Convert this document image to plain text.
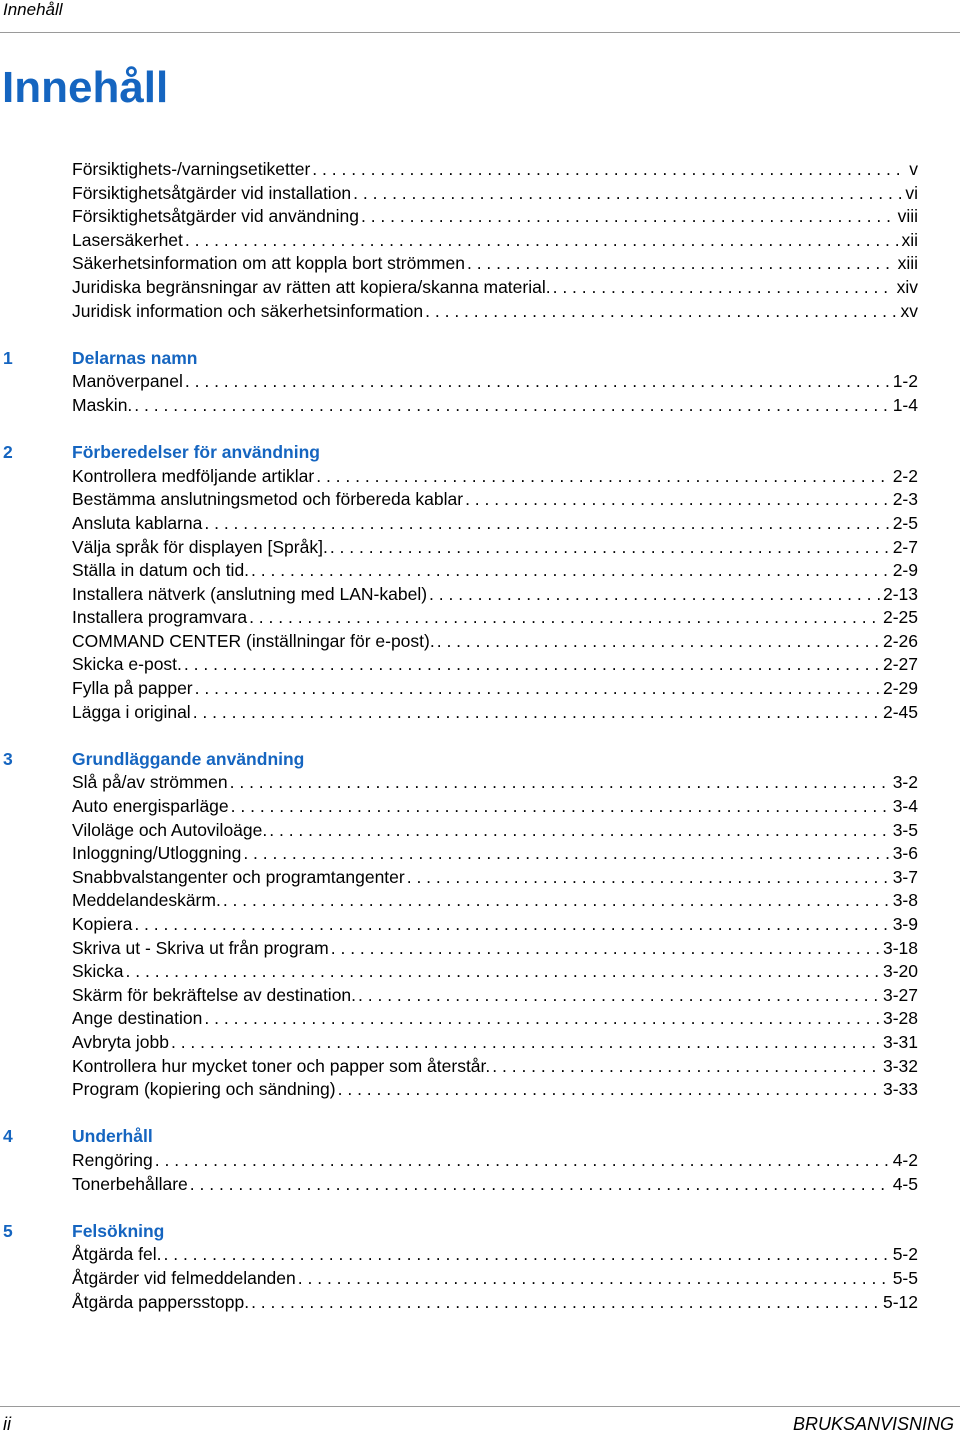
Innehåll
Innehåll
Försiktighets-/varningsetiketter . . .	v
Försiktighetsåtgärder vid installation . . .	vi
Försiktighetsåtgärder vid användning . . .	viii
Lasersäkerhet . . .	xii
Säkerhetsinformation om att koppla bort strömmen . . .	xiii
Juridiska begränsningar av rätten att kopiera/skanna material. . . .	xiv
Juridisk information och säkerhetsinformation . . .	xv
1	Delarnas namn
Manöverpanel . . .	1-2
Maskin. . . .	1-4
2	Förberedelser för användning
Kontrollera medföljande artiklar . . .	2-2
Bestämma anslutningsmetod och förbereda kablar . . .	2-3
Ansluta kablarna . . .	2-5
Välja språk för displayen [Språk]. . . .	2-7
Ställa in datum och tid. . . .	2-9
Installera nätverk (anslutning med LAN-kabel) . . .	2-13
Installera programvara . . .	2-25
COMMAND CENTER (inställningar för e-post). . . .	2-26
Skicka e-post. . . .	2-27
Fylla på papper . . .	2-29
Lägga i original . . .	2-45
3	Grundläggande användning
Slå på/av strömmen . . .	3-2
Auto energisparläge . . .	3-4
Viloläge och Autoviloäge. . . .	3-5
Inloggning/Utloggning . . .	3-6
Snabbvalstangenter och programtangenter . . .	3-7
Meddelandeskärm. . . .	3-8
Kopiera . . .	3-9
Skriva ut - Skriva ut från program . . .	3-18
Skicka . . .	3-20
Skärm för bekräftelse av destination. . . .	3-27
Ange destination . . .	3-28
Avbryta jobb . . .	3-31
Kontrollera hur mycket toner och papper som återstår. . . .	3-32
Program (kopiering och sändning) . . .	3-33
4	Underhåll
Rengöring . . .	4-2
Tonerbehållare . . .	4-5
5	Felsökning
Åtgärda fel. . . .	5-2
Åtgärder vid felmeddelanden . . .	5-5
Åtgärda pappersstopp. . . .	5-12
ii	BRUKSANVISNING
